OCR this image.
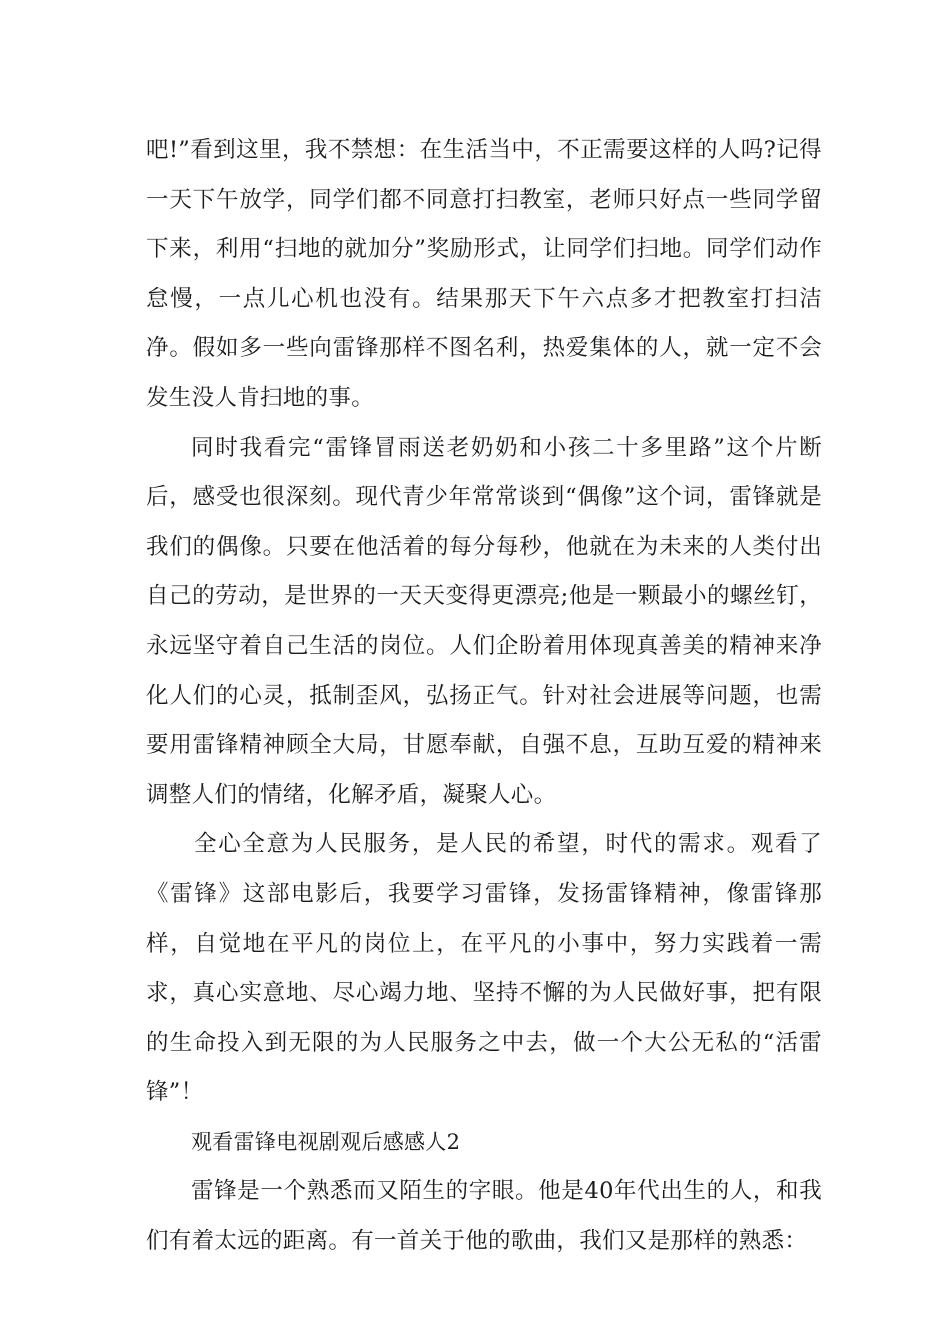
吧!”看到这里，我不禁想：在生活当中，不正需要这样的人吗?记得一天下午放学，同学们都不同意打扫教室，老师只好点一些同学留下来，利用“扫地的就加分”奖励形式，让同学们扫地。同学们动作怠慢，一点儿心机也没有。结果那天下午六点多才把教室打扫洁净。假如多一些向雷锋那样不图名利，热爱集体的人，就一定不会发生没人肯扫地的事。

同时我看完“雷锋冒雨送老奶奶和小孩二十多里路”这个片断后，感受也很深刻。现代青少年常常谈到“偶像”这个词，雷锋就是我们的偶像。只要在他活着的每分每秒，他就在为未来的人类付出自己的劳动，是世界的一天天变得更漂亮;他是一颗最小的螺丝钉，永远坚守着自己生活的岗位。人们企盼着用体现真善美的精神来净化人们的心灵，抵制歪风，弘扬正气。针对社会进展等问题，也需要用雷锋精神顾全大局，甘愿奉献，自强不息，互助互爱的精神来调整人们的情绪，化解矛盾，凝聚人心。

全心全意为人民服务，是人民的希望，时代的需求。观看了《雷锋》这部电影后，我要学习雷锋，发扬雷锋精神，像雷锋那样，自觉地在平凡的岗位上，在平凡的小事中，努力实践着一需求，真心实意地、尽心竭力地、坚持不懈的为人民做好事，把有限的生命投入到无限的为人民服务之中去，做一个大公无私的“活雷锋”！

观看雷锋电视剧观后感感人2

雷锋是一个熟悉而又陌生的字眼。他是40年代出生的人，和我们有着太远的距离。有一首关于他的歌曲，我们又是那样的熟悉：
